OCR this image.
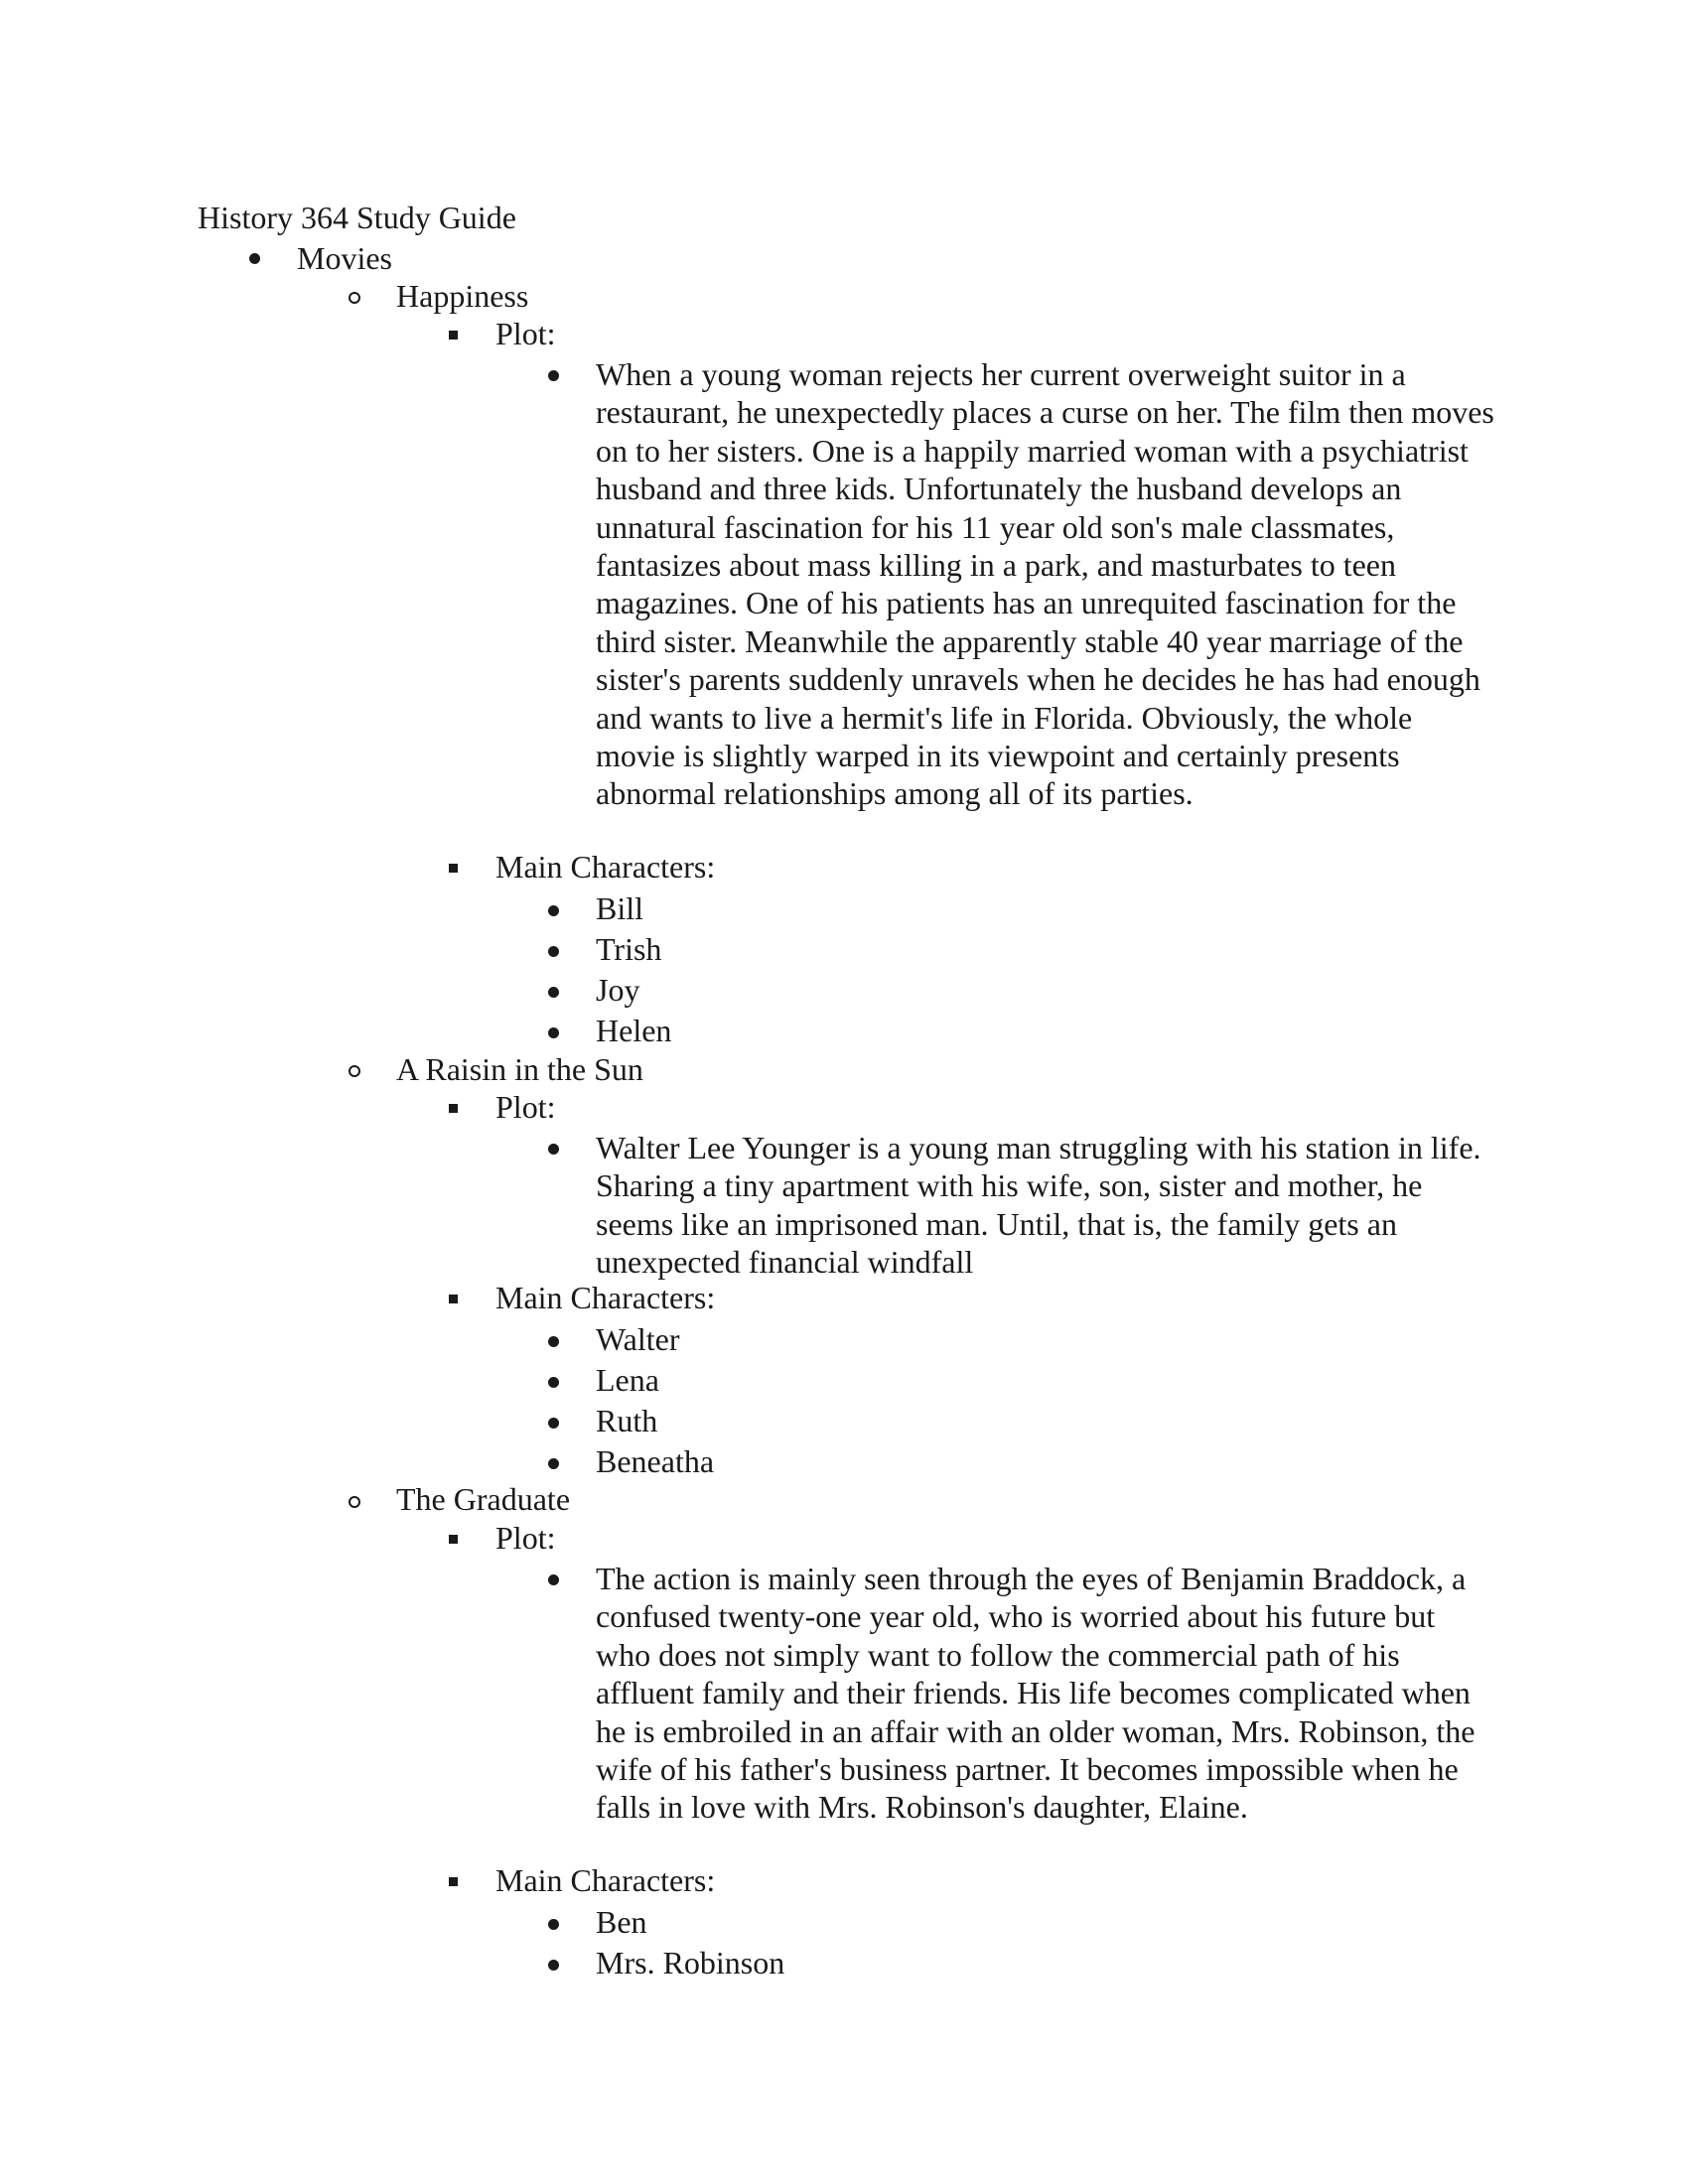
History 364 Study Guide
Movies
Happiness
Plot:
When a young woman rejects her current overweight suitor in a restaurant, he unexpectedly places a curse on her. The film then moves on to her sisters. One is a happily married woman with a psychiatrist husband and three kids. Unfortunately the husband develops an unnatural fascination for his 11 year old son's male classmates, fantasizes about mass killing in a park, and masturbates to teen magazines. One of his patients has an unrequited fascination for the third sister. Meanwhile the apparently stable 40 year marriage of the sister's parents suddenly unravels when he decides he has had enough and wants to live a hermit's life in Florida. Obviously, the whole movie is slightly warped in its viewpoint and certainly presents abnormal relationships among all of its parties.
Main Characters:
Bill
Trish
Joy
Helen
A Raisin in the Sun
Plot:
Walter Lee Younger is a young man struggling with his station in life. Sharing a tiny apartment with his wife, son, sister and mother, he seems like an imprisoned man. Until, that is, the family gets an unexpected financial windfall
Main Characters:
Walter
Lena
Ruth
Beneatha
The Graduate
Plot:
The action is mainly seen through the eyes of Benjamin Braddock, a confused twenty-one year old, who is worried about his future but who does not simply want to follow the commercial path of his affluent family and their friends. His life becomes complicated when he is embroiled in an affair with an older woman, Mrs. Robinson, the wife of his father's business partner. It becomes impossible when he falls in love with Mrs. Robinson's daughter, Elaine.
Main Characters:
Ben
Mrs. Robinson
